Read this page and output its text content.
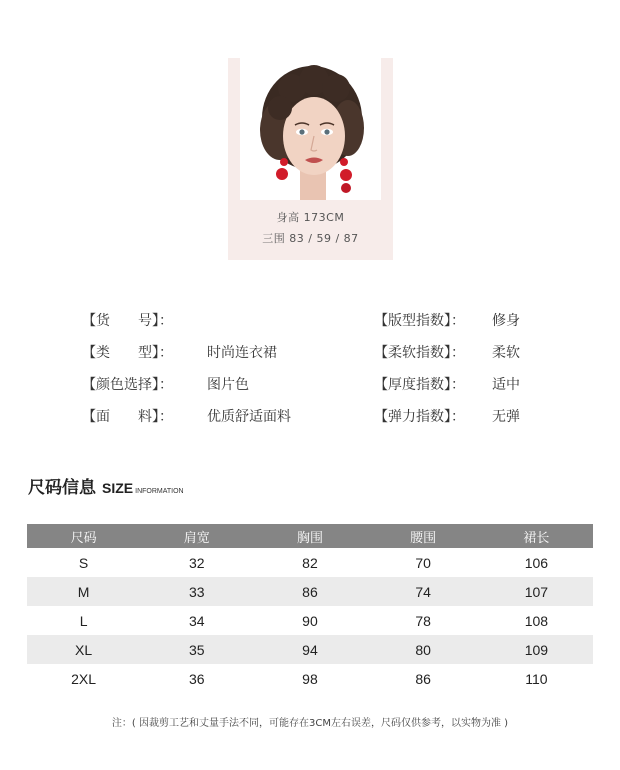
身高 173CM
三围 83 / 59 / 87
【货　　号】：
【类　　型】： 时尚连衣裙
【颜色选择】： 图片色
【面　　料】： 优质舒适面料
【版型指数】： 修身
【柔软指数】： 柔软
【厚度指数】： 适中
【弹力指数】： 无弹
尺码信息 SIZE INFORMATION
尺码	肩宽	胸围	腰围	裙长
S	32	82	70	106
M	33	86	74	107
L	34	90	78	108
XL	35	94	80	109
2XL	36	98	86	110
注：( 因裁剪工艺和丈量手法不同，可能存在3CM左右误差，尺码仅供参考，以实物为准 )
